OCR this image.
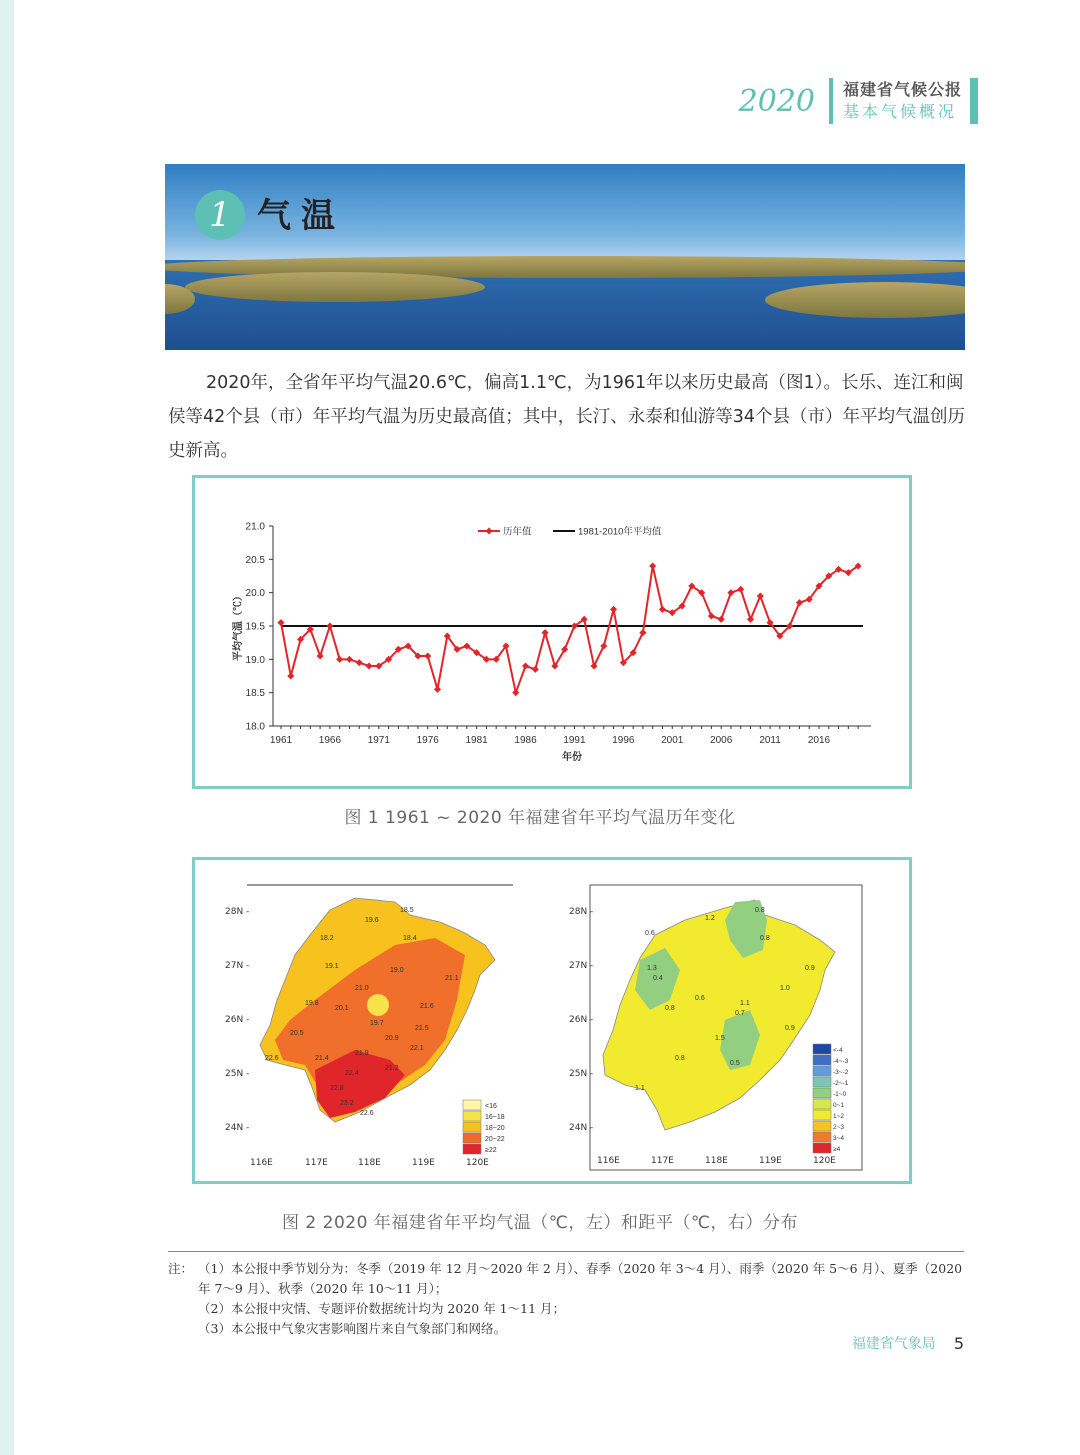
2020 福建省气候公报
基本气候概况
1 气温

2020年，全省年平均气温20.6℃，偏高1.1℃，为1961年以来历史最高（图1）。长乐、连江和闽侯等42个县（市）年平均气温为历史最高值；其中，长汀、永泰和仙游等34个县（市）年平均气温创历史新高。

18.0
18.5
19.0
19.5
20.0
20.5
21.0
1961	1966	1971	1976	1981	1986	1991	1996	2001	2006	2011	2016
年份
平均气温（℃）
历年值	1981-2010年平均值
图 1 1961 ~ 2020 年福建省年平均气温历年变化
28N -
27N -
26N -
25N -
24N -
116E	117E	118E	119E	120E
19.6
18.5
18.2	18.4
19.1
19.0
21.0
19.8
20.1	21.6
21.5
22.6	21.4
21.9
22.1
20.9
19.7
22.4
21.2
22.8
23.2
20.5
22.6
21.1
<16
16~18
18~20
20~22
≥22
28N -
27N -
26N -
25N -
24N -
116E	117E	118E	119E	120E
0.8
1.2
0.6
0.8
1.3
0.4
0.6
1.1
0.7
0.8
1.0
0.9
1.5
0.5
0.8
1.1
0.9
<-4
-4~-3
-3~-2
-2~-1
-1~0
0~1
1~2
2~3
3~4
≥4
图 2 2020 年福建省年平均气温（℃，左）和距平（℃，右）分布
注： （1）本公报中季节划分为：冬季（2019 年 12 月～2020 年 2 月）、春季（2020 年 3～4 月）、雨季（2020 年 5～6 月）、夏季（2020 年 7～9 月）、秋季（2020 年 10～11 月）；
（2）本公报中灾情、专题评价数据统计均为 2020 年 1～11 月；
（3）本公报中气象灾害影响图片来自气象部门和网络。
福建省气象局 5
